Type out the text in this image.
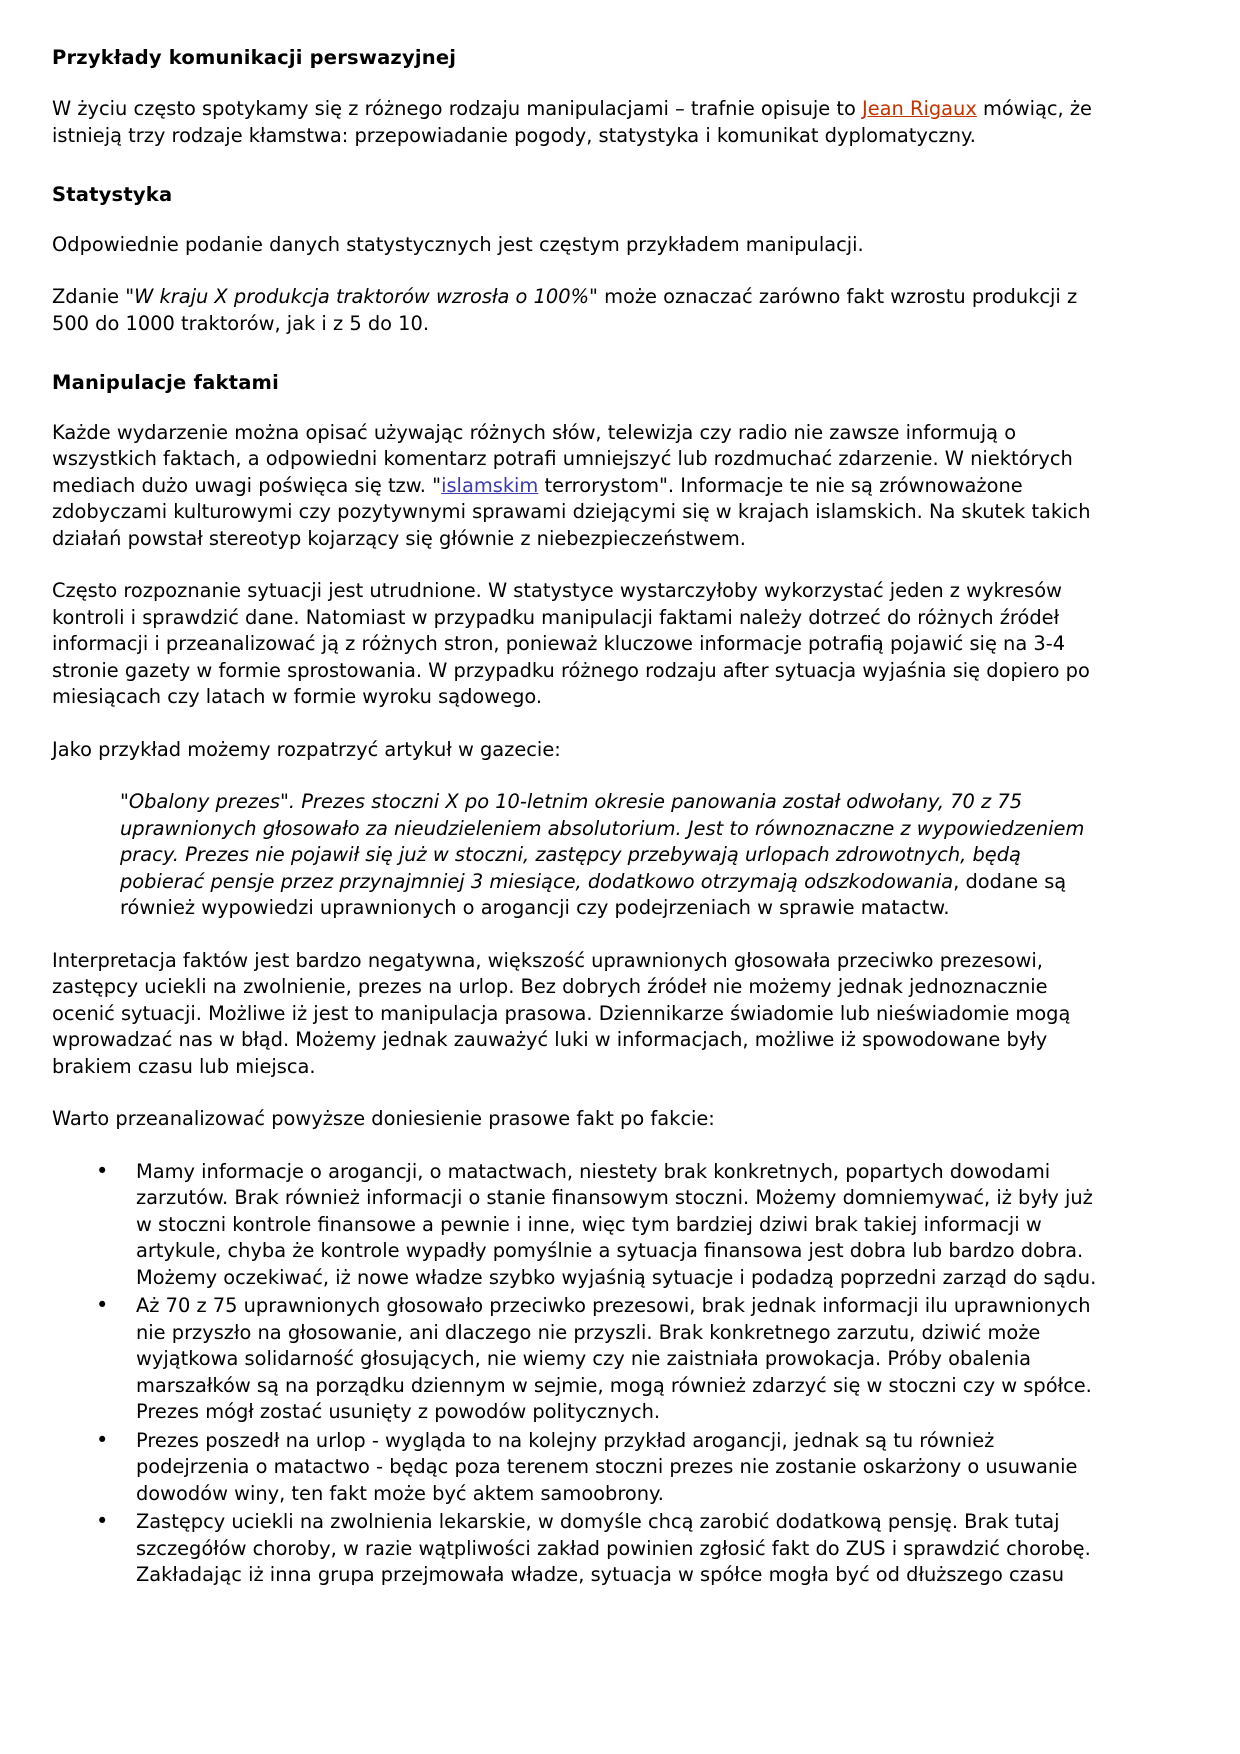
Przykłady komunikacji perswazyjnej

W życiu często spotykamy się z różnego rodzaju manipulacjami – trafnie opisuje to Jean Rigaux mówiąc, że istnieją trzy rodzaje kłamstwa: przepowiadanie pogody, statystyka i komunikat dyplomatyczny.

Statystyka

Odpowiednie podanie danych statystycznych jest częstym przykładem manipulacji.

Zdanie "W kraju X produkcja traktorów wzrosła o 100%" może oznaczać zarówno fakt wzrostu produkcji z 500 do 1000 traktorów, jak i z 5 do 10.

Manipulacje faktami

Każde wydarzenie można opisać używając różnych słów, telewizja czy radio nie zawsze informują o wszystkich faktach, a odpowiedni komentarz potrafi umniejszyć lub rozdmuchać zdarzenie. W niektórych mediach dużo uwagi poświęca się tzw. "islamskim terrorystom". Informacje te nie są zrównoważone zdobyczami kulturowymi czy pozytywnymi sprawami dziejącymi się w krajach islamskich. Na skutek takich działań powstał stereotyp kojarzący się głównie z niebezpieczeństwem.

Często rozpoznanie sytuacji jest utrudnione. W statystyce wystarczyłoby wykorzystać jeden z wykresów kontroli i sprawdzić dane. Natomiast w przypadku manipulacji faktami należy dotrzeć do różnych źródeł informacji i przeanalizować ją z różnych stron, ponieważ kluczowe informacje potrafią pojawić się na 3-4 stronie gazety w formie sprostowania. W przypadku różnego rodzaju after sytuacja wyjaśnia się dopiero po miesiącach czy latach w formie wyroku sądowego.

Jako przykład możemy rozpatrzyć artykuł w gazecie:

"Obalony prezes". Prezes stoczni X po 10-letnim okresie panowania został odwołany, 70 z 75 uprawnionych głosowało za nieudzieleniem absolutorium. Jest to równoznaczne z wypowiedzeniem pracy. Prezes nie pojawił się już w stoczni, zastępcy przebywają urlopach zdrowotnych, będą pobierać pensje przez przynajmniej 3 miesiące, dodatkowo otrzymają odszkodowania, dodane są również wypowiedzi uprawnionych o arogancji czy podejrzeniach w sprawie matactw.

Interpretacja faktów jest bardzo negatywna, większość uprawnionych głosowała przeciwko prezesowi, zastępcy uciekli na zwolnienie, prezes na urlop. Bez dobrych źródeł nie możemy jednak jednoznacznie ocenić sytuacji. Możliwe iż jest to manipulacja prasowa. Dziennikarze świadomie lub nieświadomie mogą wprowadzać nas w błąd. Możemy jednak zauważyć luki w informacjach, możliwe iż spowodowane były brakiem czasu lub miejsca.

Warto przeanalizować powyższe doniesienie prasowe fakt po fakcie:

• Mamy informacje o arogancji, o matactwach, niestety brak konkretnych, popartych dowodami zarzutów. Brak również informacji o stanie finansowym stoczni. Możemy domniemywać, iż były już w stoczni kontrole finansowe a pewnie i inne, więc tym bardziej dziwi brak takiej informacji w artykule, chyba że kontrole wypadły pomyślnie a sytuacja finansowa jest dobra lub bardzo dobra. Możemy oczekiwać, iż nowe władze szybko wyjaśnią sytuacje i podadzą poprzedni zarząd do sądu.
• Aż 70 z 75 uprawnionych głosowało przeciwko prezesowi, brak jednak informacji ilu uprawnionych nie przyszło na głosowanie, ani dlaczego nie przyszli. Brak konkretnego zarzutu, dziwić może wyjątkowa solidarność głosujących, nie wiemy czy nie zaistniała prowokacja. Próby obalenia marszałków są na porządku dziennym w sejmie, mogą również zdarzyć się w stoczni czy w spółce. Prezes mógł zostać usunięty z powodów politycznych.
• Prezes poszedł na urlop - wygląda to na kolejny przykład arogancji, jednak są tu również podejrzenia o matactwo - będąc poza terenem stoczni prezes nie zostanie oskarżony o usuwanie dowodów winy, ten fakt może być aktem samoobrony.
• Zastępcy uciekli na zwolnienia lekarskie, w domyśle chcą zarobić dodatkową pensję. Brak tutaj szczegółów choroby, w razie wątpliwości zakład powinien zgłosić fakt do ZUS i sprawdzić chorobę. Zakładając iż inna grupa przejmowała władze, sytuacja w spółce mogła być od dłuższego czasu
